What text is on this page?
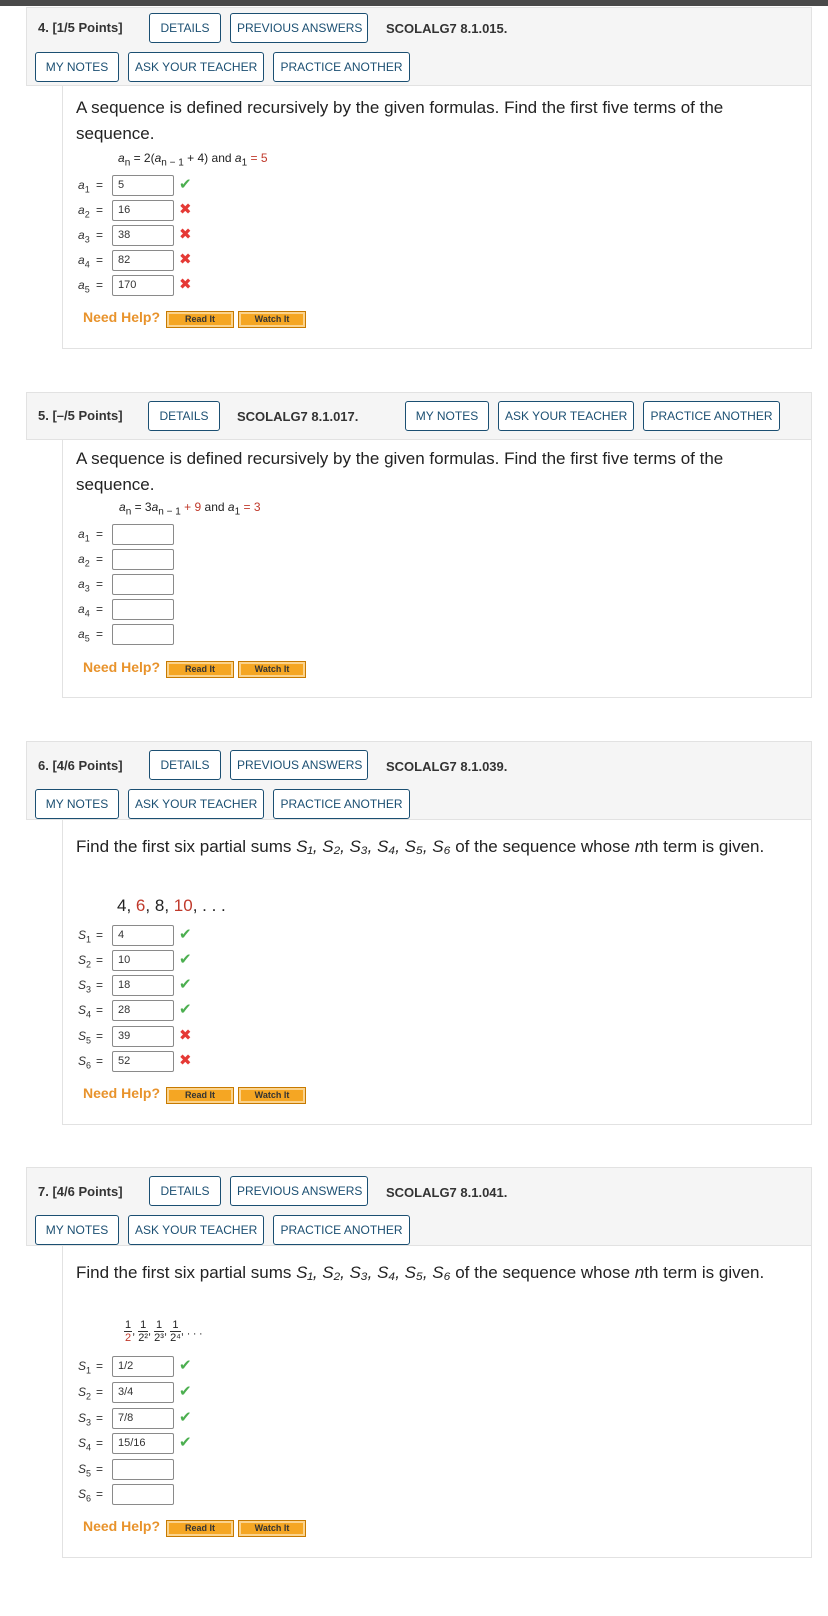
4. [1/5 Points]	DETAILS	PREVIOUS ANSWERS	SCOLALG7 8.1.015.
MY NOTES	ASK YOUR TEACHER	PRACTICE ANOTHER
A sequence is defined recursively by the given formulas. Find the first five terms of the sequence.
$a_n = 2(a_{n - 1} + 4)$ and $a_1 = 5$
$a_1$ =	5	✔
$a_2$ =	16	✖
$a_3$ =	38	✖
$a_4$ =	82	✖
$a_5$ =	170	✖
Need Help?	Read It	Watch It
5. [–/5 Points]	DETAILS	SCOLALG7 8.1.017.	MY NOTES	ASK YOUR TEACHER	PRACTICE ANOTHER
A sequence is defined recursively by the given formulas. Find the first five terms of the sequence.
$a_n = 3a_{n - 1} + 9$ and $a_1 = 3$
$a_1$ =
$a_2$ =
$a_3$ =
$a_4$ =
$a_5$ =
Need Help?	Read It	Watch It
6. [4/6 Points]	DETAILS	PREVIOUS ANSWERS	SCOLALG7 8.1.039.
MY NOTES	ASK YOUR TEACHER	PRACTICE ANOTHER
Find the first six partial sums S₁, S₂, S₃, S₄, S₅, S₆ of the sequence whose nth term is given.
4, 6, 8, 10, . . .
$S_1$ =	4	✔
$S_2$ =	10	✔
$S_3$ =	18	✔
$S_4$ =	28	✔
$S_5$ =	39	✖
$S_6$ =	52	✖
Need Help?	Read It	Watch It
7. [4/6 Points]	DETAILS	PREVIOUS ANSWERS	SCOLALG7 8.1.041.
MY NOTES	ASK YOUR TEACHER	PRACTICE ANOTHER
Find the first six partial sums S₁, S₂, S₃, S₄, S₅, S₆ of the sequence whose nth term is given.
$\frac{1}{2}$ , $\frac{1}{\text{2²}}$ , $\frac{1}{\text{2³}}$ , $\frac{1}{\text{2⁴}}$ , . . .
$S_1$ =	1/2	✔
$S_2$ =	3/4	✔
$S_3$ =	7/8	✔
$S_4$ =	15/16	✔
$S_5$ =
$S_6$ =
Need Help?	Read It	Watch It
